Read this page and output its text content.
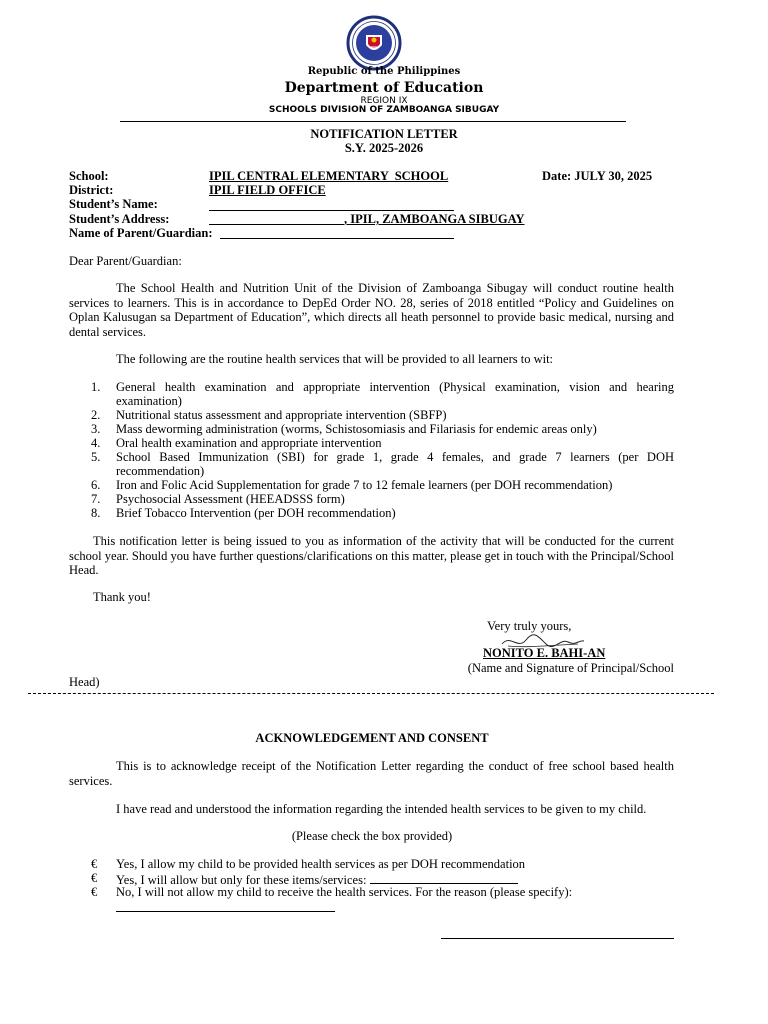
Republic of the Philippines
Department of Education
REGION IX
SCHOOLS DIVISION OF ZAMBOANGA SIBUGAY
NOTIFICATION LETTER
S.Y. 2025-2026
School:	IPIL CENTRAL ELEMENTARY  SCHOOL	Date: JULY 30, 2025
District:	IPIL FIELD OFFICE
Student’s Name:
Student’s Address:	, IPIL, ZAMBOANGA SIBUGAY
Name of Parent/Guardian:
Dear Parent/Guardian:
The School Health and Nutrition Unit of the Division of Zamboanga Sibugay will conduct routine health services to learners. This is in accordance to DepEd Order NO. 28, series of 2018 entitled “Policy and Guidelines on Oplan Kalusugan sa Department of Education”, which directs all heath personnel to provide basic medical, nursing and dental services.
The following are the routine health services that will be provided to all learners to wit:
1. General health examination and appropriate intervention (Physical examination, vision and hearing examination)
2. Nutritional status assessment and appropriate intervention (SBFP)
3. Mass deworming administration (worms, Schistosomiasis and Filariasis for endemic areas only)
4. Oral health examination and appropriate intervention
5. School Based Immunization (SBI) for grade 1, grade 4 females, and grade 7 learners (per DOH recommendation)
6. Iron and Folic Acid Supplementation for grade 7 to 12 female learners (per DOH recommendation)
7. Psychosocial Assessment (HEEADSSS form)
8. Brief Tobacco Intervention (per DOH recommendation)
This notification letter is being issued to you as information of the activity that will be conducted for the current school year. Should you have further questions/clarifications on this matter, please get in touch with the Principal/School Head.
Thank you!
Very truly yours,
NONITO E. BAHI-AN
(Name and Signature of Principal/School
Head)
ACKNOWLEDGEMENT AND CONSENT
This is to acknowledge receipt of the Notification Letter regarding the conduct of free school based health services.
I have read and understood the information regarding the intended health services to be given to my child.
(Please check the box provided)
€ Yes, I allow my child to be provided health services as per DOH recommendation
€ Yes, I will allow but only for these items/services:
€ No, I will not allow my child to receive the health services. For the reason (please specify):
